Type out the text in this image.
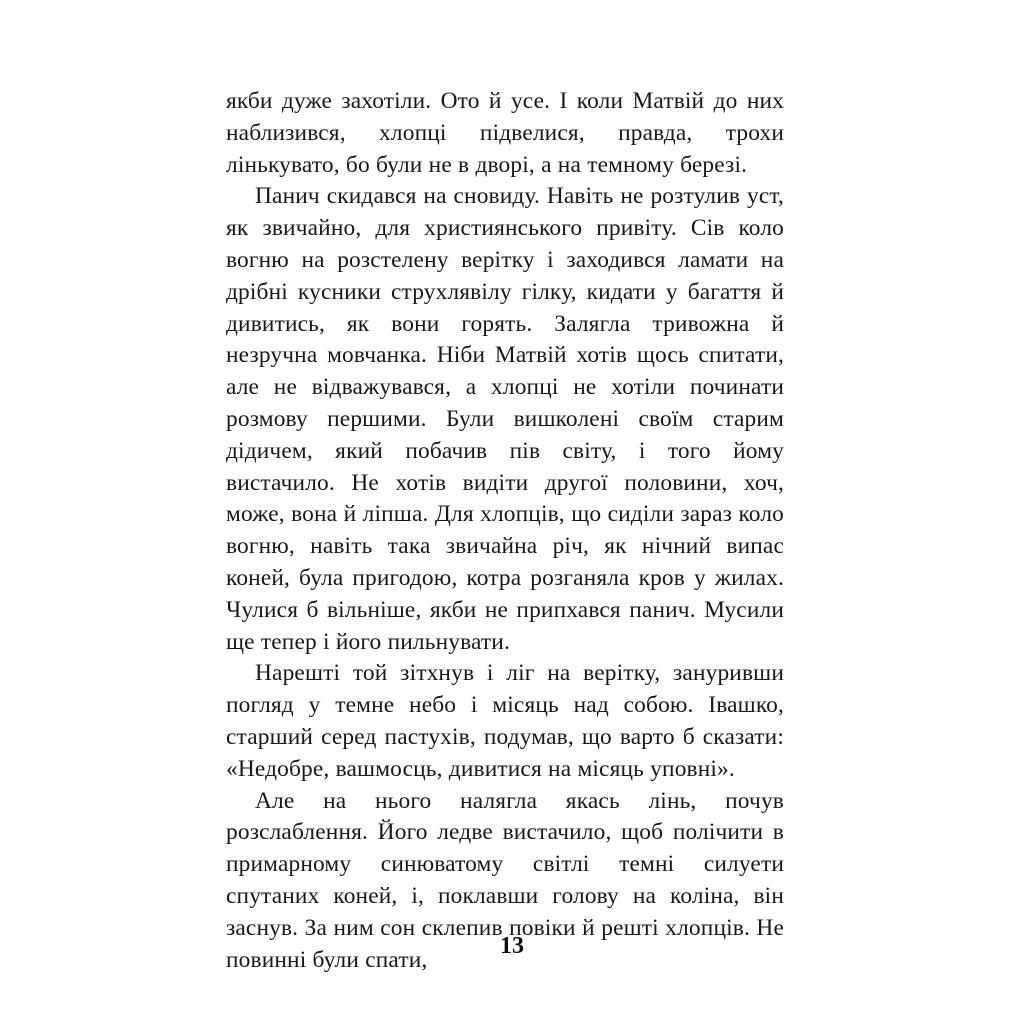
якби дуже захотіли. Ото й усе. І коли Матвій до них наблизився, хлопці підвелися, правда, трохи лінькувато, бо були не в дворі, а на темному березі.

Панич скидався на сновиду. Навіть не розтулив уст, як звичайно, для християнського привіту. Сів коло вогню на розстелену верітку і заходився ламати на дрібні кусники струхлявілу гілку, кидати у багаття й дивитись, як вони горять. Залягла тривожна й незручна мовчанка. Ніби Матвій хотів щось спитати, але не відважувався, а хлопці не хотіли починати розмову першими. Були вишколені своїм старим дідичем, який побачив пів світу, і того йому вистачило. Не хотів видіти другої половини, хоч, може, вона й ліпша. Для хлопців, що сиділи зараз коло вогню, навіть така звичайна річ, як нічний випас коней, була пригодою, котра розганяла кров у жилах. Чулися б вільніше, якби не припхався панич. Мусили ще тепер і його пильнувати.

Нарешті той зітхнув і ліг на верітку, зануривши погляд у темне небо і місяць над собою. Івашко, старший серед пастухів, подумав, що варто б сказати: «Недобре, вашмосць, дивитися на місяць уповні».

Але на нього налягла якась лінь, почув розслаблення. Його ледве вистачило, щоб полічити в примарному синюватому світлі темні силуети спутаних коней, і, поклавши голову на коліна, він заснув. За ним сон склепив повіки й решті хлопців. Не повинні були спати,

13
